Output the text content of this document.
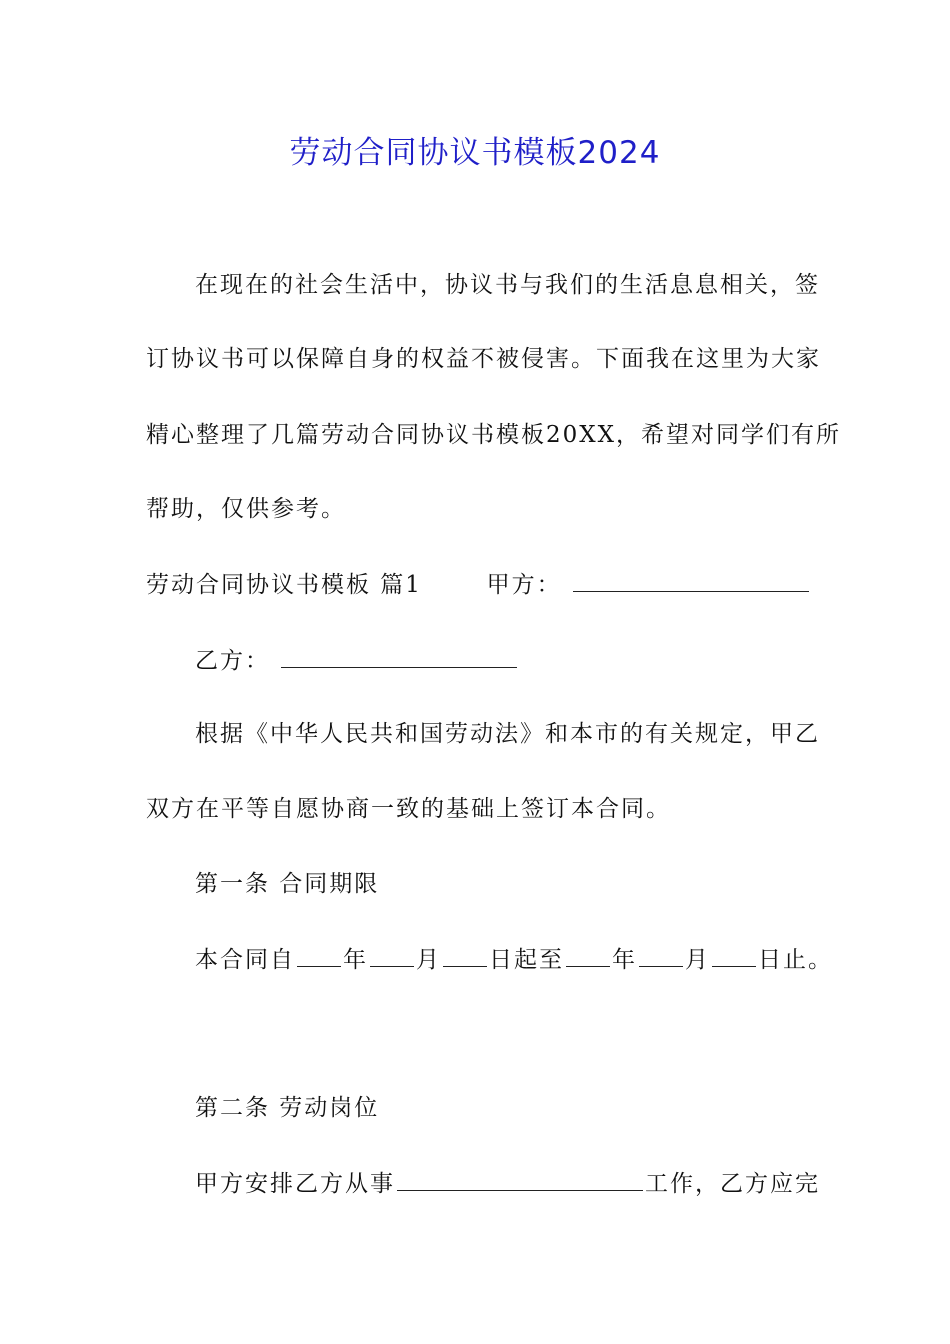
劳动合同协议书模板2024
在现在的社会生活中，协议书与我们的生活息息相关，签
订协议书可以保障自身的权益不被侵害。下面我在这里为大家
精心整理了几篇劳动合同协议书模板20XX，希望对同学们有所
帮助，仅供参考。
劳动合同协议书模板 篇1	甲方：
乙方：
根据《中华人民共和国劳动法》和本市的有关规定，甲乙
双方在平等自愿协商一致的基础上签订本合同。
第一条 合同期限
本合同自 年 月 日起至 年 月 日止。
第二条 劳动岗位
甲方安排乙方从事	工作，乙方应完
